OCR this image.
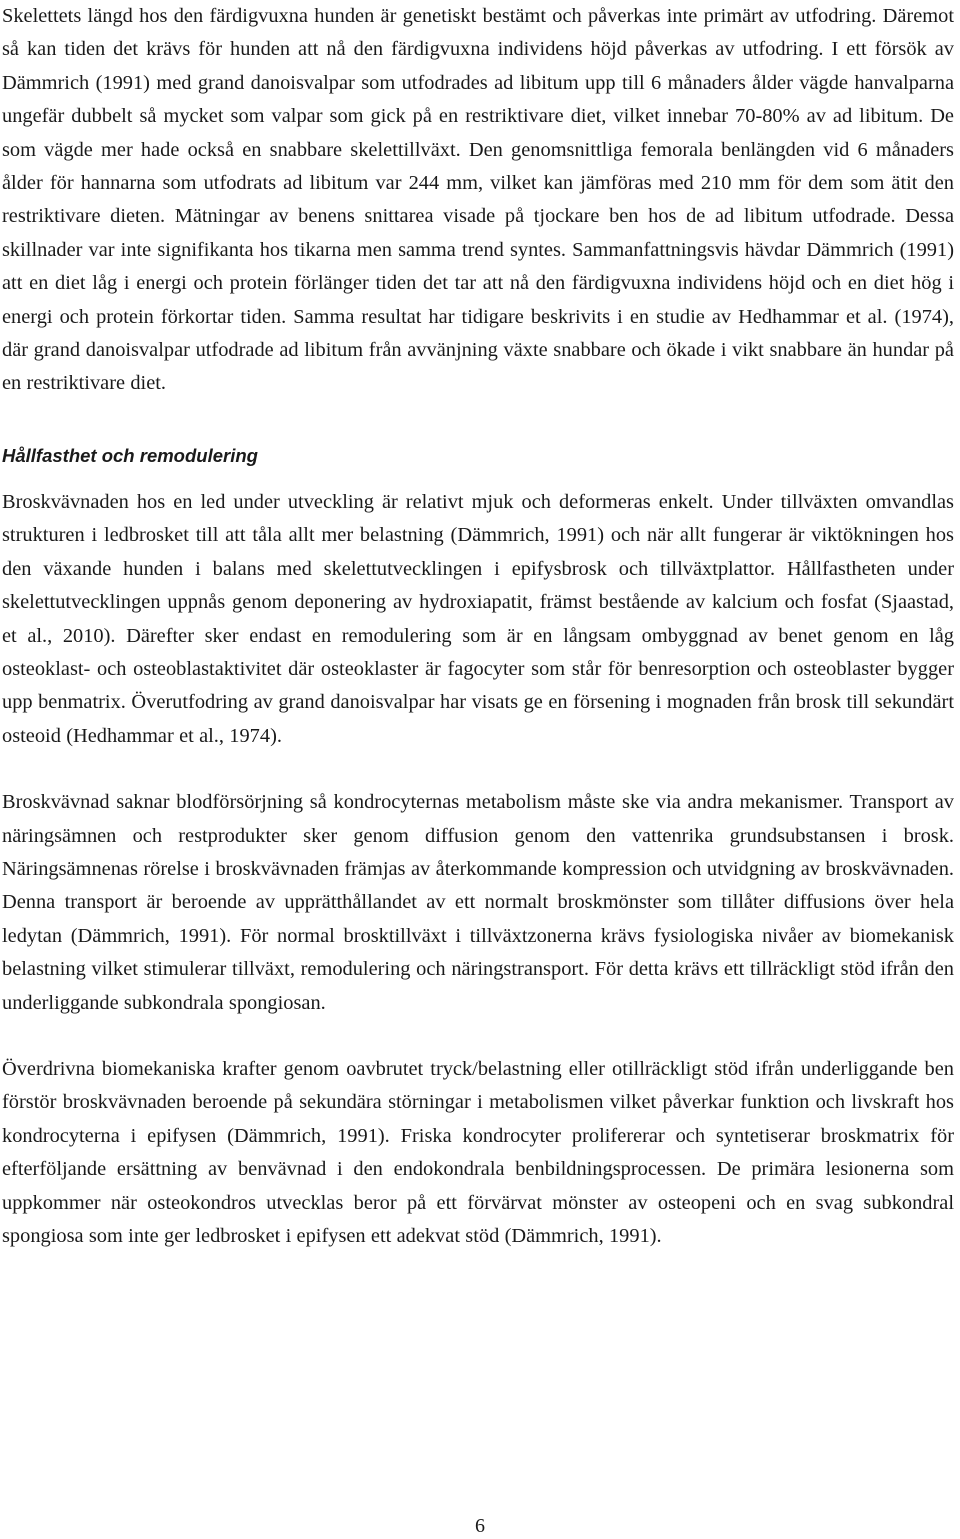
Skelettets längd hos den färdigvuxna hunden är genetiskt bestämt och påverkas inte primärt av utfodring. Däremot så kan tiden det krävs för hunden att nå den färdigvuxna individens höjd påverkas av utfodring. I ett försök av Dämmrich (1991) med grand danoisvalpar som utfodrades ad libitum upp till 6 månaders ålder vägde hanvalparna ungefär dubbelt så mycket som valpar som gick på en restriktivare diet, vilket innebar 70-80% av ad libitum. De som vägde mer hade också en snabbare skelettillväxt. Den genomsnittliga femorala benlängden vid 6 månaders ålder för hannarna som utfodrats ad libitum var 244 mm, vilket kan jämföras med 210 mm för dem som ätit den restriktivare dieten. Mätningar av benens snittarea visade på tjockare ben hos de ad libitum utfodrade. Dessa skillnader var inte signifikanta hos tikarna men samma trend syntes. Sammanfattningsvis hävdar Dämmrich (1991) att en diet låg i energi och protein förlänger tiden det tar att nå den färdigvuxna individens höjd och en diet hög i energi och protein förkortar tiden. Samma resultat har tidigare beskrivits i en studie av Hedhammar et al. (1974), där grand danoisvalpar utfodrade ad libitum från avvänjning växte snabbare och ökade i vikt snabbare än hundar på en restriktivare diet.

Hållfasthet och remodulering

Broskvävnaden hos en led under utveckling är relativt mjuk och deformeras enkelt. Under tillväxten omvandlas strukturen i ledbrosket till att tåla allt mer belastning (Dämmrich, 1991) och när allt fungerar är viktökningen hos den växande hunden i balans med skelettutvecklingen i epifysbrosk och tillväxtplattor. Hållfastheten under skelettutvecklingen uppnås genom deponering av hydroxiapatit, främst bestående av kalcium och fosfat (Sjaastad, et al., 2010). Därefter sker endast en remodulering som är en långsam ombyggnad av benet genom en låg osteoklast- och osteoblastaktivitet där osteoklaster är fagocyter som står för benresorption och osteoblaster bygger upp benmatrix. Överutfodring av grand danoisvalpar har visats ge en försening i mognaden från brosk till sekundärt osteoid (Hedhammar et al., 1974).

Broskvävnad saknar blodförsörjning så kondrocyternas metabolism måste ske via andra mekanismer. Transport av näringsämnen och restprodukter sker genom diffusion genom den vattenrika grundsubstansen i brosk. Näringsämnenas rörelse i broskvävnaden främjas av återkommande kompression och utvidgning av broskvävnaden. Denna transport är beroende av upprätthållandet av ett normalt broskmönster som tillåter diffusions över hela ledytan (Dämmrich, 1991). För normal brosktillväxt i tillväxtzonerna krävs fysiologiska nivåer av biomekanisk belastning vilket stimulerar tillväxt, remodulering och näringstransport. För detta krävs ett tillräckligt stöd ifrån den underliggande subkondrala spongiosan.

Överdrivna biomekaniska krafter genom oavbrutet tryck/belastning eller otillräckligt stöd ifrån underliggande ben förstör broskvävnaden beroende på sekundära störningar i metabolismen vilket påverkar funktion och livskraft hos kondrocyterna i epifysen (Dämmrich, 1991). Friska kondrocyter prolifererar och syntetiserar broskmatrix för efterföljande ersättning av benvävnad i den endokondrala benbildningsprocessen. De primära lesionerna som uppkommer när osteokondros utvecklas beror på ett förvärvat mönster av osteopeni och en svag subkondral spongiosa som inte ger ledbrosket i epifysen ett adekvat stöd (Dämmrich, 1991).

6
